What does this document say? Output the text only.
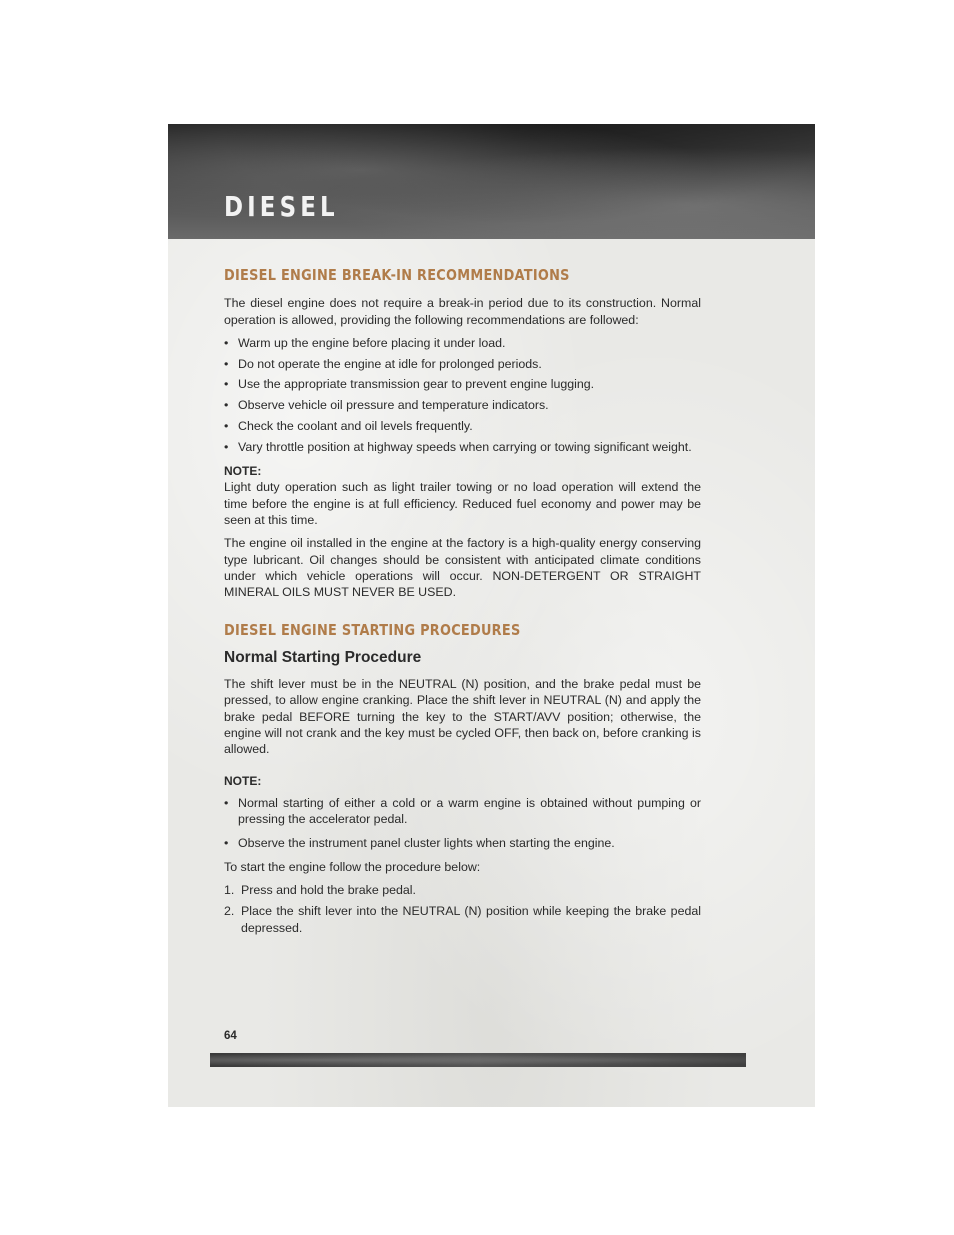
DIESEL
DIESEL ENGINE BREAK-IN RECOMMENDATIONS

The diesel engine does not require a break-in period due to its construction. Normal operation is allowed, providing the following recommendations are followed:

• Warm up the engine before placing it under load.
• Do not operate the engine at idle for prolonged periods.
• Use the appropriate transmission gear to prevent engine lugging.
• Observe vehicle oil pressure and temperature indicators.
• Check the coolant and oil levels frequently.
• Vary throttle position at highway speeds when carrying or towing significant weight.
NOTE:

Light duty operation such as light trailer towing or no load operation will extend the time before the engine is at full efficiency. Reduced fuel economy and power may be seen at this time.

The engine oil installed in the engine at the factory is a high-quality energy conserving type lubricant. Oil changes should be consistent with anticipated climate conditions under which vehicle operations will occur. NON-DETERGENT OR STRAIGHT MINERAL OILS MUST NEVER BE USED.

DIESEL ENGINE STARTING PROCEDURES
Normal Starting Procedure

The shift lever must be in the NEUTRAL (N) position, and the brake pedal must be pressed, to allow engine cranking. Place the shift lever in NEUTRAL (N) and apply the brake pedal BEFORE turning the key to the START/AVV position; otherwise, the engine will not crank and the key must be cycled OFF, then back on, before cranking is allowed.

NOTE:
• Normal starting of either a cold or a warm engine is obtained without pumping or pressing the accelerator pedal.
• Observe the instrument panel cluster lights when starting the engine.

To start the engine follow the procedure below:

1. Press and hold the brake pedal.
2. Place the shift lever into the NEUTRAL (N) position while keeping the brake pedal depressed.
64
